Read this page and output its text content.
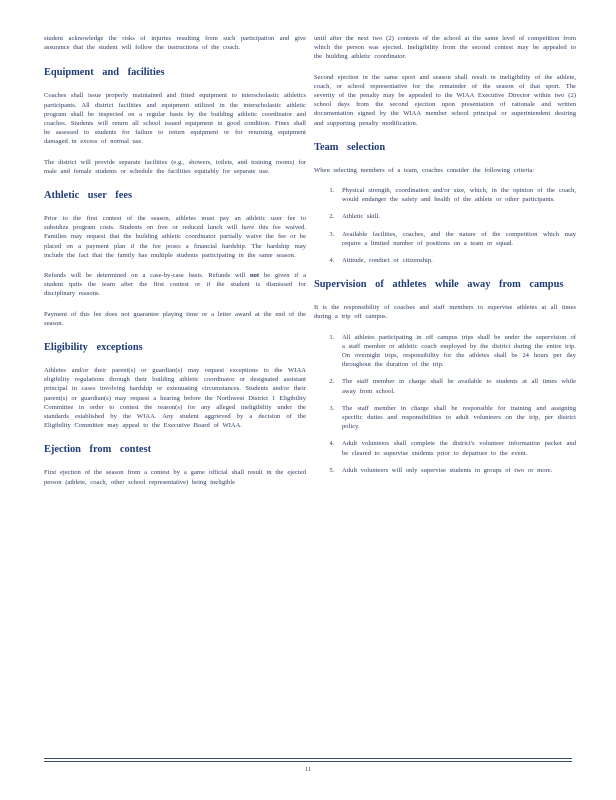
student acknowledge the risks of injuries resulting from such participation and give assurance that the student will follow the instructions of the coach.

Equipment and facilities

Coaches shall issue properly maintained and fitted equipment to interscholastic athletics participants. All district facilities and equipment utilized in the interscholastic athletic program shall be inspected on a regular basis by the building athletic coordinator and coaches. Students will return all school issued equipment in good condition. Fines shall be assessed to students for failure to return equipment or for returning equipment damaged in excess of normal use.

The district will provide separate facilities (e.g., showers, toilets, and training rooms) for male and female students or schedule the facilities equitably for separate use.

Athletic user fees

Prior to the first contest of the season, athletes must pay an athletic user fee to subsidize program costs. Students on free or reduced lunch will have this fee waived. Families may request that the building athletic coordinator partially waive the fee or be placed on a payment plan if the fee poses a financial hardship. The hardship may include the fact that the family has multiple students participating in the same season.

Refunds will be determined on a case-by-case basis. Refunds will not be given if a student quits the team after the first contest or if the student is dismissed for disciplinary reasons.

Payment of this fee does not guarantee playing time or a letter award at the end of the season.

Eligibility exceptions

Athletes and/or their parent(s) or guardian(s) may request exceptions to the WIAA eligibility regulations through their building athletic coordinator or designated assistant principal in cases involving hardship or extenuating circumstances. Students and/or their parent(s) or guardian(s) may request a hearing before the Northwest District 1 Eligibility Committee in order to contest the reason(s) for any alleged ineligibility under the standards established by the WIAA. Any student aggrieved by a decision of the Eligibility Committee may appeal to the Executive Board of WIAA.

Ejection from contest

First ejection of the season from a contest by a game official shall result in the ejected person (athlete, coach, other school representative) being ineligible

until after the next two (2) contests of the school at the same level of competition from which the person was ejected. Ineligibility from the second contest may be appealed to the building athletic coordinator.

Second ejection in the same sport and season shall result in ineligibility of the athlete, coach, or school representative for the remainder of the season of that sport. The severity of the penalty may be appealed to the WIAA Executive Director within two (2) school days from the second ejection upon presentation of rationale and written documentation signed by the WIAA member school principal or superintendent desiring and supporting penalty modification.

Team selection

When selecting members of a team, coaches consider the following criteria:

1. Physical strength, coordination and/or size, which, in the opinion of the coach, would endanger the safety and health of the athlete or other participants.
2. Athletic skill.
3. Available facilities, coaches, and the nature of the competition which may require a limited number of positions on a team or squad.
4. Attitude, conduct or citizenship.
Supervision of athletes while away from campus

It is the responsibility of coaches and staff members to supervise athletes at all times during a trip off campus.

1. All athletes participating in off campus trips shall be under the supervision of a staff member or athletic coach employed by the district during the entire trip. On overnight trips, responsibility for the athletes shall be 24 hours per day throughout the duration of the trip.
2. The staff member in charge shall be available to students at all times while away from school.
3. The staff member in charge shall be responsible for training and assigning specific duties and responsibilities to adult volunteers on the trip, per district policy.
4. Adult volunteers shall complete the district's volunteer information packet and be cleared to supervise students prior to departure to the event.
5. Adult volunteers will only supervise students in groups of two or more.
11
